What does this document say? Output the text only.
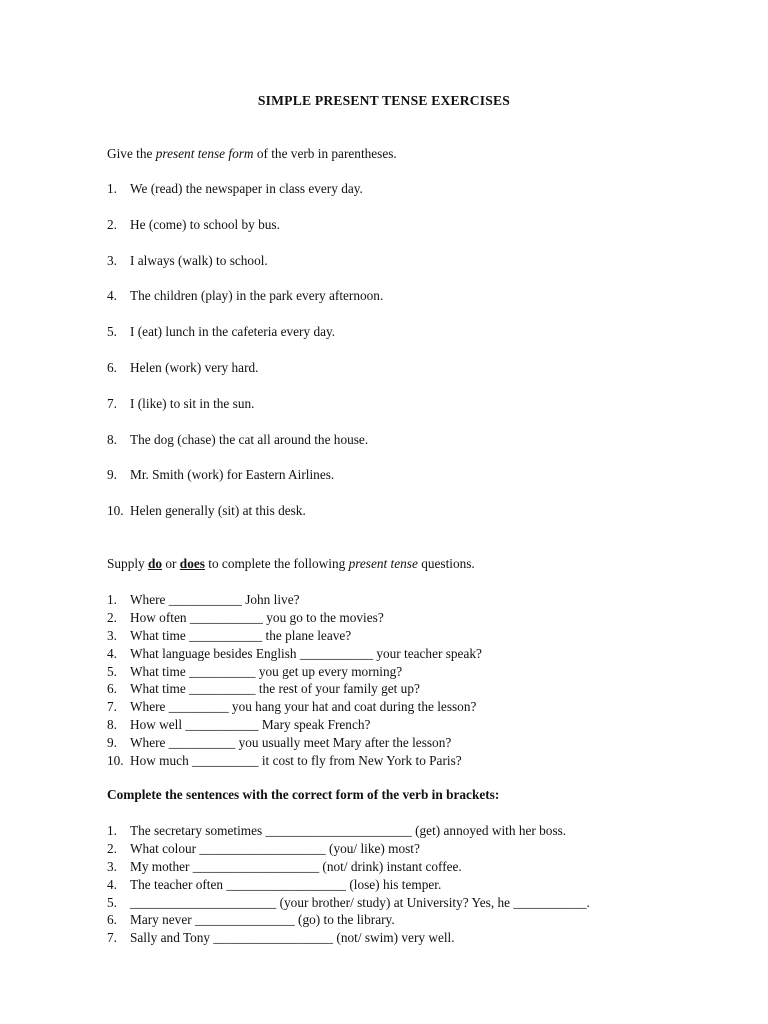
SIMPLE PRESENT TENSE EXERCISES
Give the present tense form of the verb in parentheses.
1. We (read) the newspaper in class every day.
2. He (come) to school by bus.
3. I always (walk) to school.
4. The children (play) in the park every afternoon.
5. I (eat) lunch in the cafeteria every day.
6. Helen (work) very hard.
7. I (like) to sit in the sun.
8. The dog (chase) the cat all around the house.
9. Mr. Smith (work) for Eastern Airlines.
10. Helen generally (sit) at this desk.
Supply do or does to complete the following present tense questions.
1. Where ___________ John live?
2. How often ___________ you go to the movies?
3. What time ___________ the plane leave?
4. What language besides English ___________ your teacher speak?
5. What time __________ you get up every morning?
6. What time __________ the rest of your family get up?
7. Where _________ you hang your hat and coat during the lesson?
8. How well ___________ Mary speak French?
9. Where __________ you usually meet Mary after the lesson?
10. How much __________ it cost to fly from New York to Paris?
Complete the sentences with the correct form of the verb in brackets:
1. The secretary sometimes ______________________ (get) annoyed with her boss.
2. What colour ___________________ (you/ like) most?
3. My mother ___________________ (not/ drink) instant coffee.
4. The teacher often __________________ (lose) his temper.
5. ______________________ (your brother/ study) at University? Yes, he ___________.
6. Mary never _______________ (go) to the library.
7. Sally and Tony __________________ (not/ swim) very well.
